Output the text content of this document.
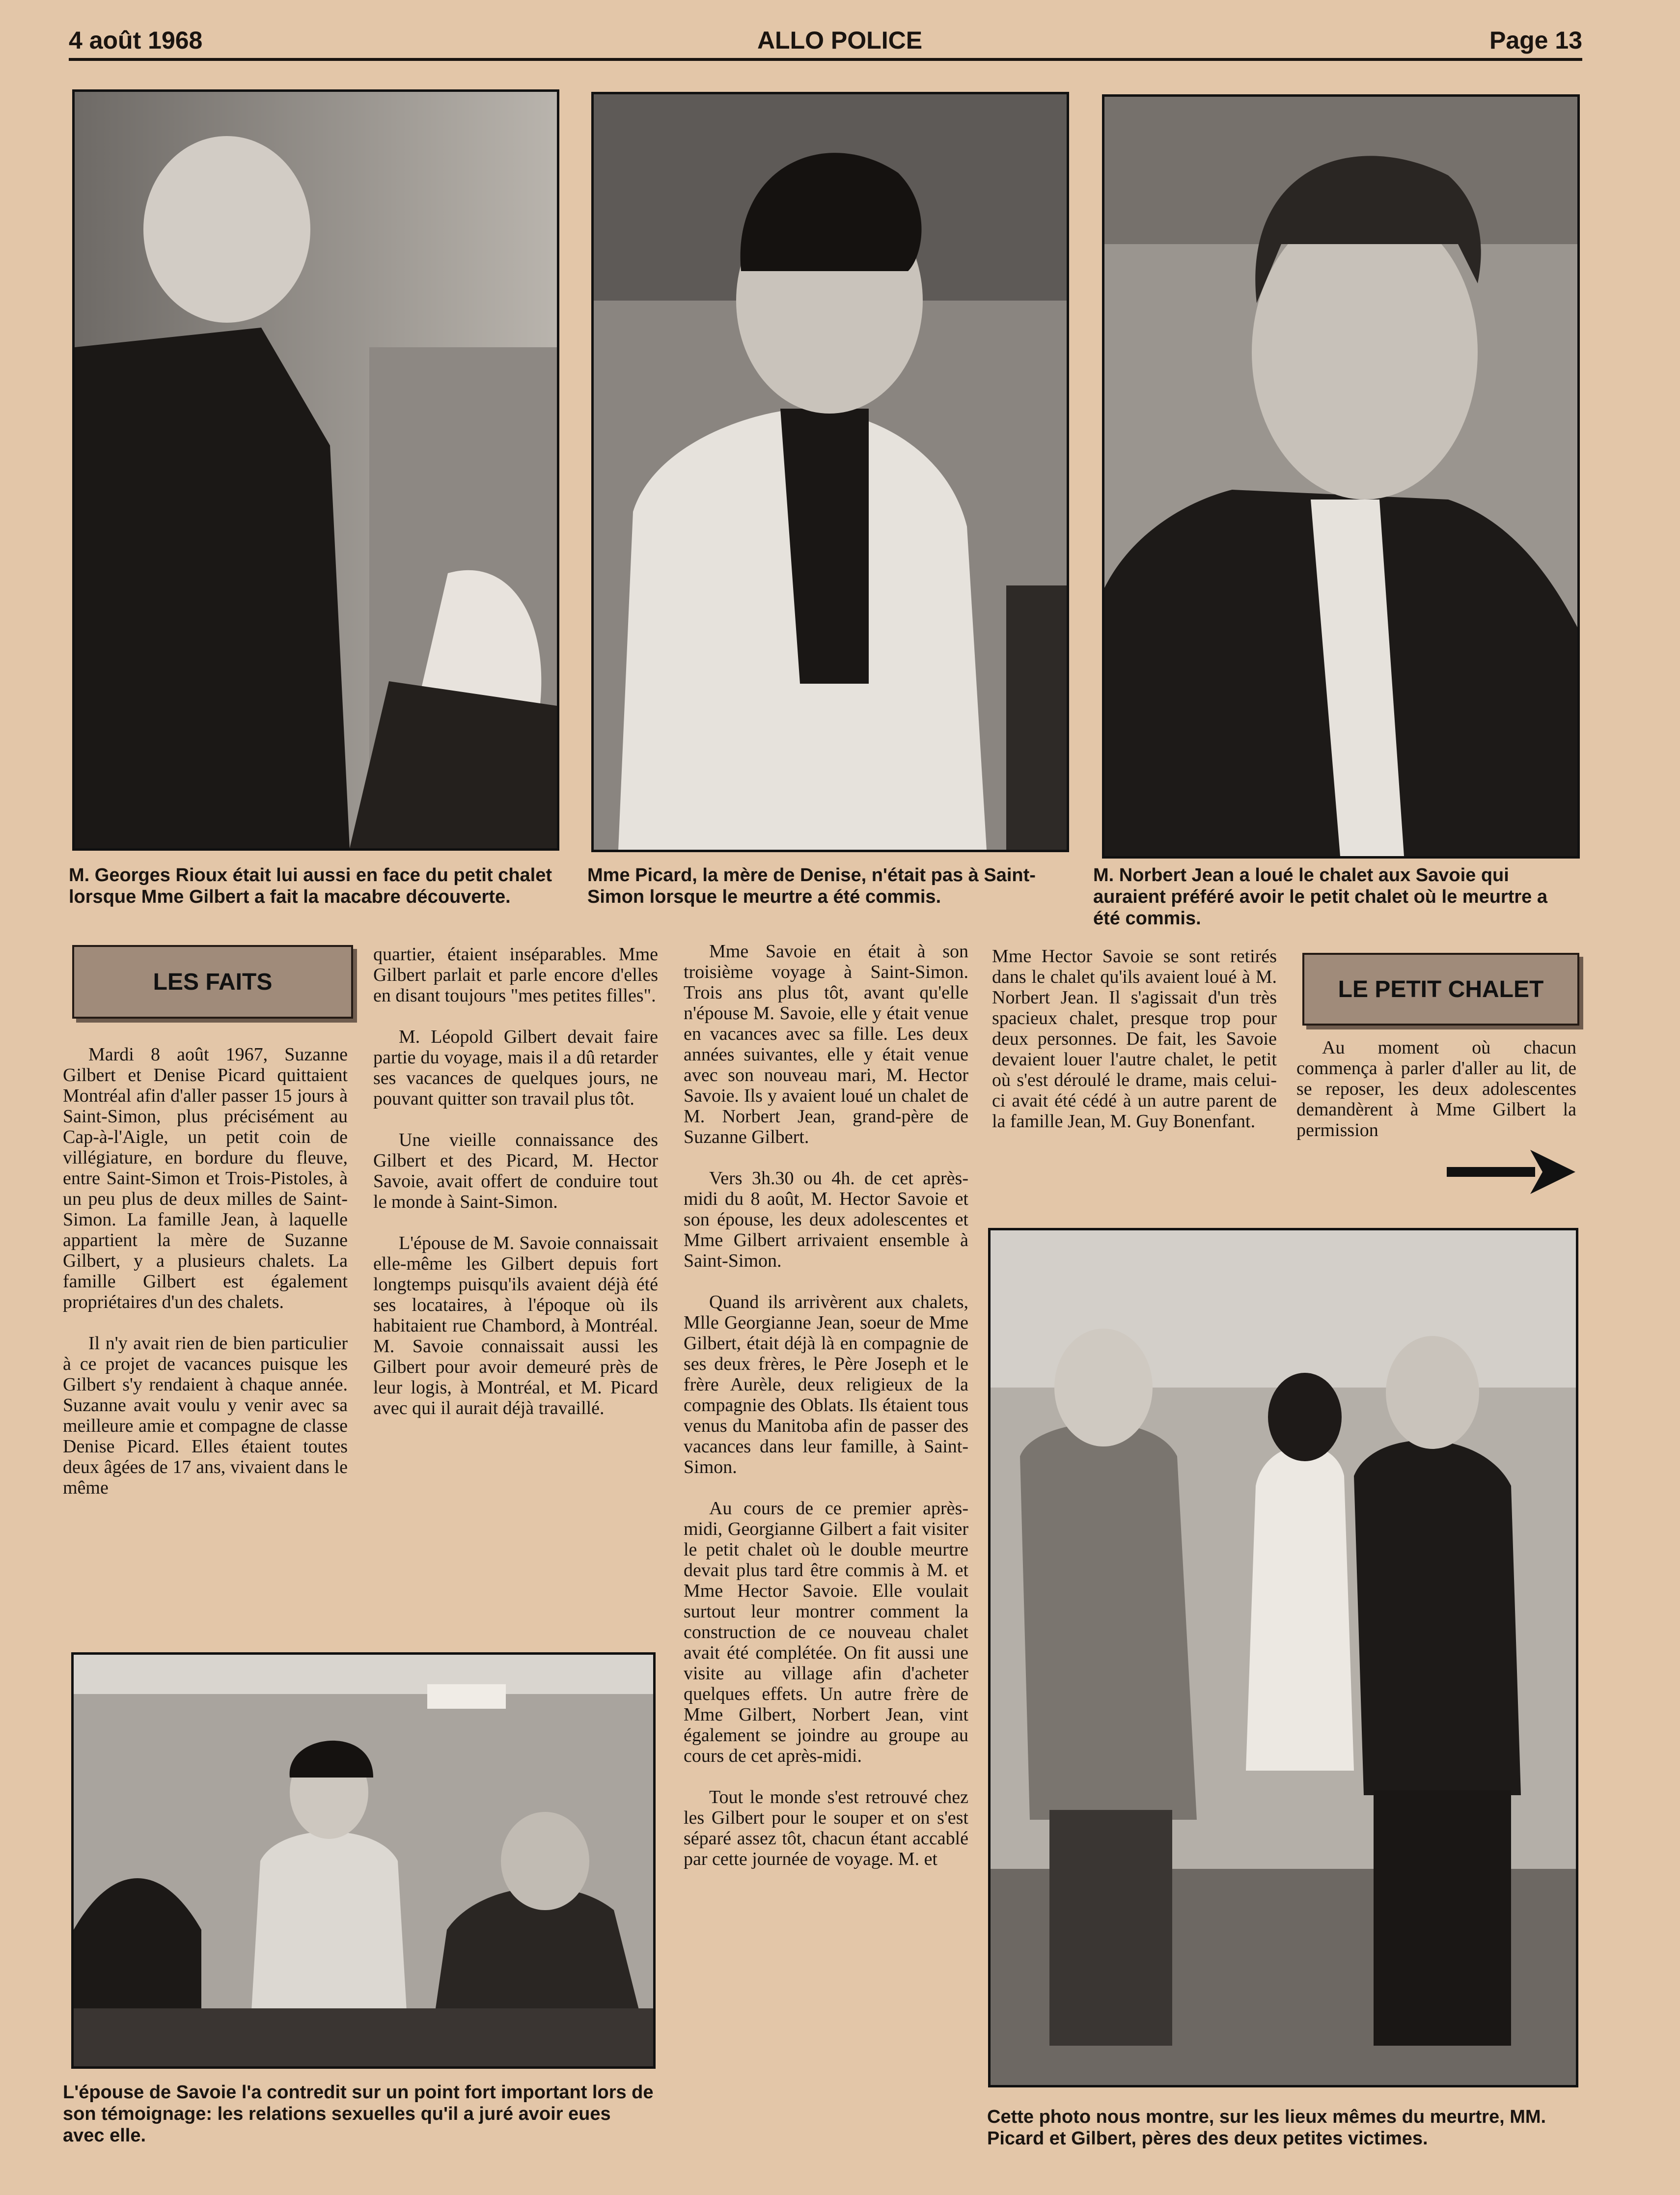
4 août 1968	ALLO POLICE	Page 13

M. Georges Rioux était lui aussi en face du petit chalet lorsque Mme Gilbert a fait la macabre découverte.

Mme Picard, la mère de Denise, n'était pas à Saint-Simon lorsque le meurtre a été commis.

M. Norbert Jean a loué le chalet aux Savoie qui auraient préféré avoir le petit chalet où le meurtre a été commis.

LES FAITS

Mardi 8 août 1967, Suzanne Gilbert et Denise Picard quittaient Montréal afin d'aller passer 15 jours à Saint-Simon, plus précisément au Cap-à-l'Aigle, un petit coin de villégiature, en bordure du fleuve, entre Saint-Simon et Trois-Pistoles, à un peu plus de deux milles de Saint-Simon. La famille Jean, à laquelle appartient la mère de Suzanne Gilbert, y a plusieurs chalets. La famille Gilbert est également propriétaires d'un des chalets.

Il n'y avait rien de bien particulier à ce projet de vacances puisque les Gilbert s'y rendaient à chaque année. Suzanne avait voulu y venir avec sa meilleure amie et compagne de classe Denise Picard. Elles étaient toutes deux âgées de 17 ans, vivaient dans le même

quartier, étaient inséparables. Mme Gilbert parlait et parle encore d'elles en disant toujours "mes petites filles".

M. Léopold Gilbert devait faire partie du voyage, mais il a dû retarder ses vacances de quelques jours, ne pouvant quitter son travail plus tôt.

Une vieille connaissance des Gilbert et des Picard, M. Hector Savoie, avait offert de conduire tout le monde à Saint-Simon.

L'épouse de M. Savoie connaissait elle-même les Gilbert depuis fort longtemps puisqu'ils avaient déjà été ses locataires, à l'époque où ils habitaient rue Chambord, à Montréal. M. Savoie connaissait aussi les Gilbert pour avoir demeuré près de leur logis, à Montréal, et M. Picard avec qui il aurait déjà travaillé.

Mme Savoie en était à son troisième voyage à Saint-Simon. Trois ans plus tôt, avant qu'elle n'épouse M. Savoie, elle y était venue en vacances avec sa fille. Les deux années suivantes, elle y était venue avec son nouveau mari, M. Hector Savoie. Ils y avaient loué un chalet de M. Norbert Jean, grand-père de Suzanne Gilbert.

Vers 3h.30 ou 4h. de cet après-midi du 8 août, M. Hector Savoie et son épouse, les deux adolescentes et Mme Gilbert arrivaient ensemble à Saint-Simon.

Quand ils arrivèrent aux chalets, Mlle Georgianne Jean, soeur de Mme Gilbert, était déjà là en compagnie de ses deux frères, le Père Joseph et le frère Aurèle, deux religieux de la compagnie des Oblats. Ils étaient tous venus du Manitoba afin de passer des vacances dans leur famille, à Saint-Simon.

Au cours de ce premier après-midi, Georgianne Gilbert a fait visiter le petit chalet où le double meurtre devait plus tard être commis à M. et Mme Hector Savoie. Elle voulait surtout leur montrer comment la construction de ce nouveau chalet avait été complétée. On fit aussi une visite au village afin d'acheter quelques effets. Un autre frère de Mme Gilbert, Norbert Jean, vint également se joindre au groupe au cours de cet après-midi.

Tout le monde s'est retrouvé chez les Gilbert pour le souper et on s'est séparé assez tôt, chacun étant accablé par cette journée de voyage. M. et

Mme Hector Savoie se sont retirés dans le chalet qu'ils avaient loué à M. Norbert Jean. Il s'agissait d'un très spacieux chalet, presque trop pour deux personnes. De fait, les Savoie devaient louer l'autre chalet, le petit où s'est déroulé le drame, mais celui-ci avait été cédé à un autre parent de la famille Jean, M. Guy Bonenfant.

LE PETIT CHALET

Au moment où chacun commença à parler d'aller au lit, de se reposer, les deux adolescentes demandèrent à Mme Gilbert la permission

L'épouse de Savoie l'a contredit sur un point fort important lors de son témoignage: les relations sexuelles qu'il a juré avoir eues avec elle.

Cette photo nous montre, sur les lieux mêmes du meurtre, MM. Picard et Gilbert, pères des deux petites victimes.
